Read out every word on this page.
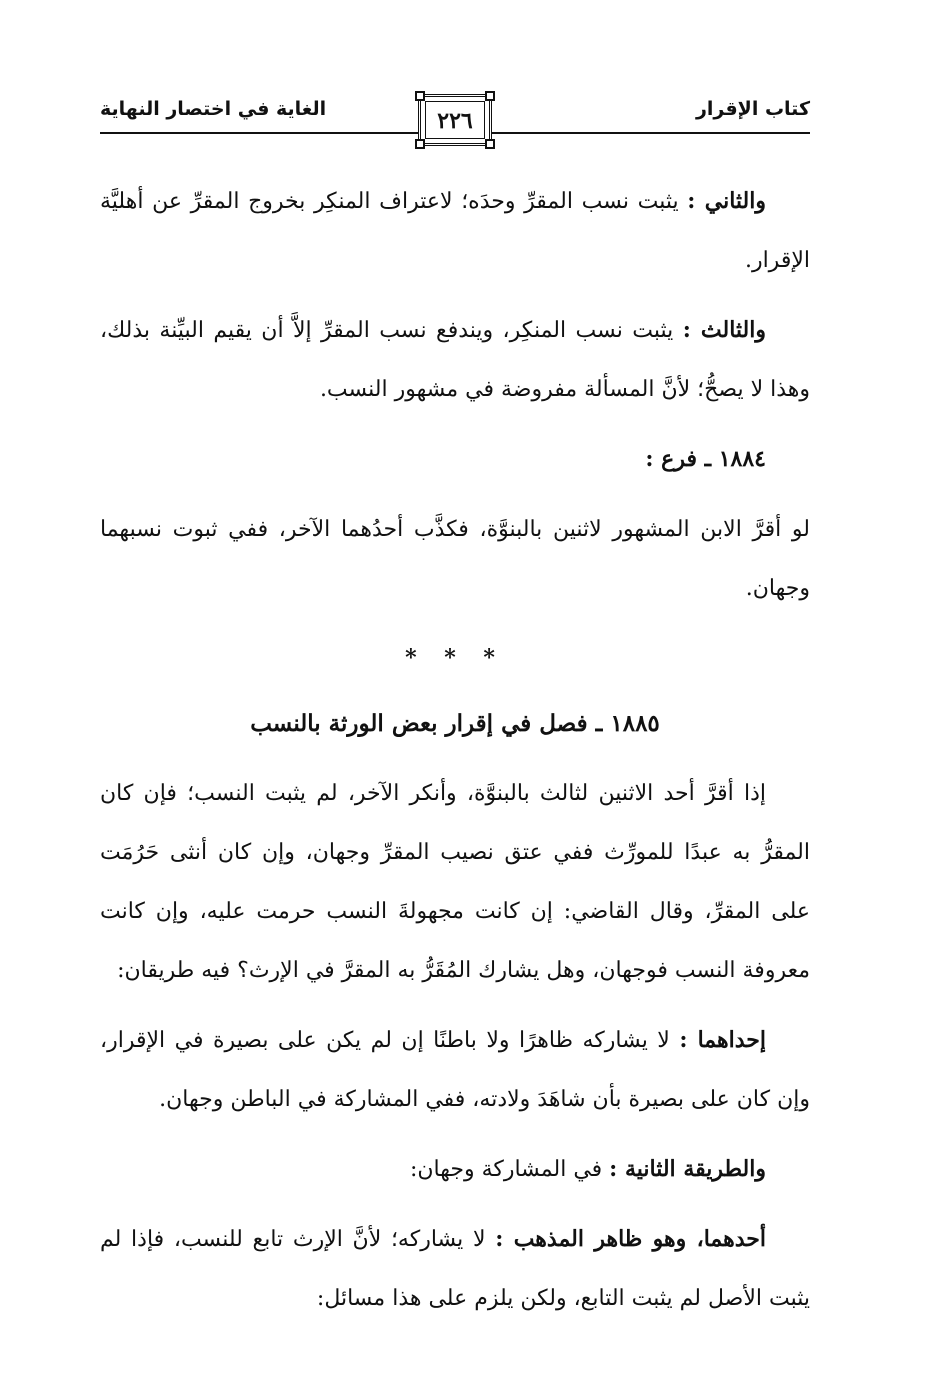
كتاب الإقرار
الغاية في اختصار النهاية	٢٢٦

والثاني : يثبت نسب المقرِّ وحدَه؛ لاعتراف المنكِر بخروج المقرِّ عن أهليَّة الإقرار.

والثالث : يثبت نسب المنكِر، ويندفع نسب المقرِّ إلاَّ أن يقيم البيِّنة بذلك، وهذا لا يصحُّ؛ لأنَّ المسألة مفروضة في مشهور النسب.

١٨٨٤ ـ فرع :

لو أقرَّ الابن المشهور لاثنين بالبنوَّة، فكذَّب أحدُهما الآخر، ففي ثبوت نسبهما وجهان.

* * *
١٨٨٥ ـ فصل في إقرار بعض الورثة بالنسب

إذا أقرَّ أحد الاثنين لثالث بالبنوَّة، وأنكر الآخر، لم يثبت النسب؛ فإن كان المقرُّ به عبدًا للمورِّث ففي عتق نصيب المقرِّ وجهان، وإن كان أنثى حَرُمَت على المقرِّ، وقال القاضي: إن كانت مجهولةَ النسب حرمت عليه، وإن كانت معروفة النسب فوجهان، وهل يشارك المُقَرُّ به المقرَّ في الإرث؟ فيه طريقان:

إحداهما : لا يشاركه ظاهرًا ولا باطنًا إن لم يكن على بصيرة في الإقرار، وإن كان على بصيرة بأن شاهَدَ ولادته، ففي المشاركة في الباطن وجهان.

والطريقة الثانية : في المشاركة وجهان:

أحدهما، وهو ظاهر المذهب : لا يشاركه؛ لأنَّ الإرث تابع للنسب، فإذا لم يثبت الأصل لم يثبت التابع، ولكن يلزم على هذا مسائل:
